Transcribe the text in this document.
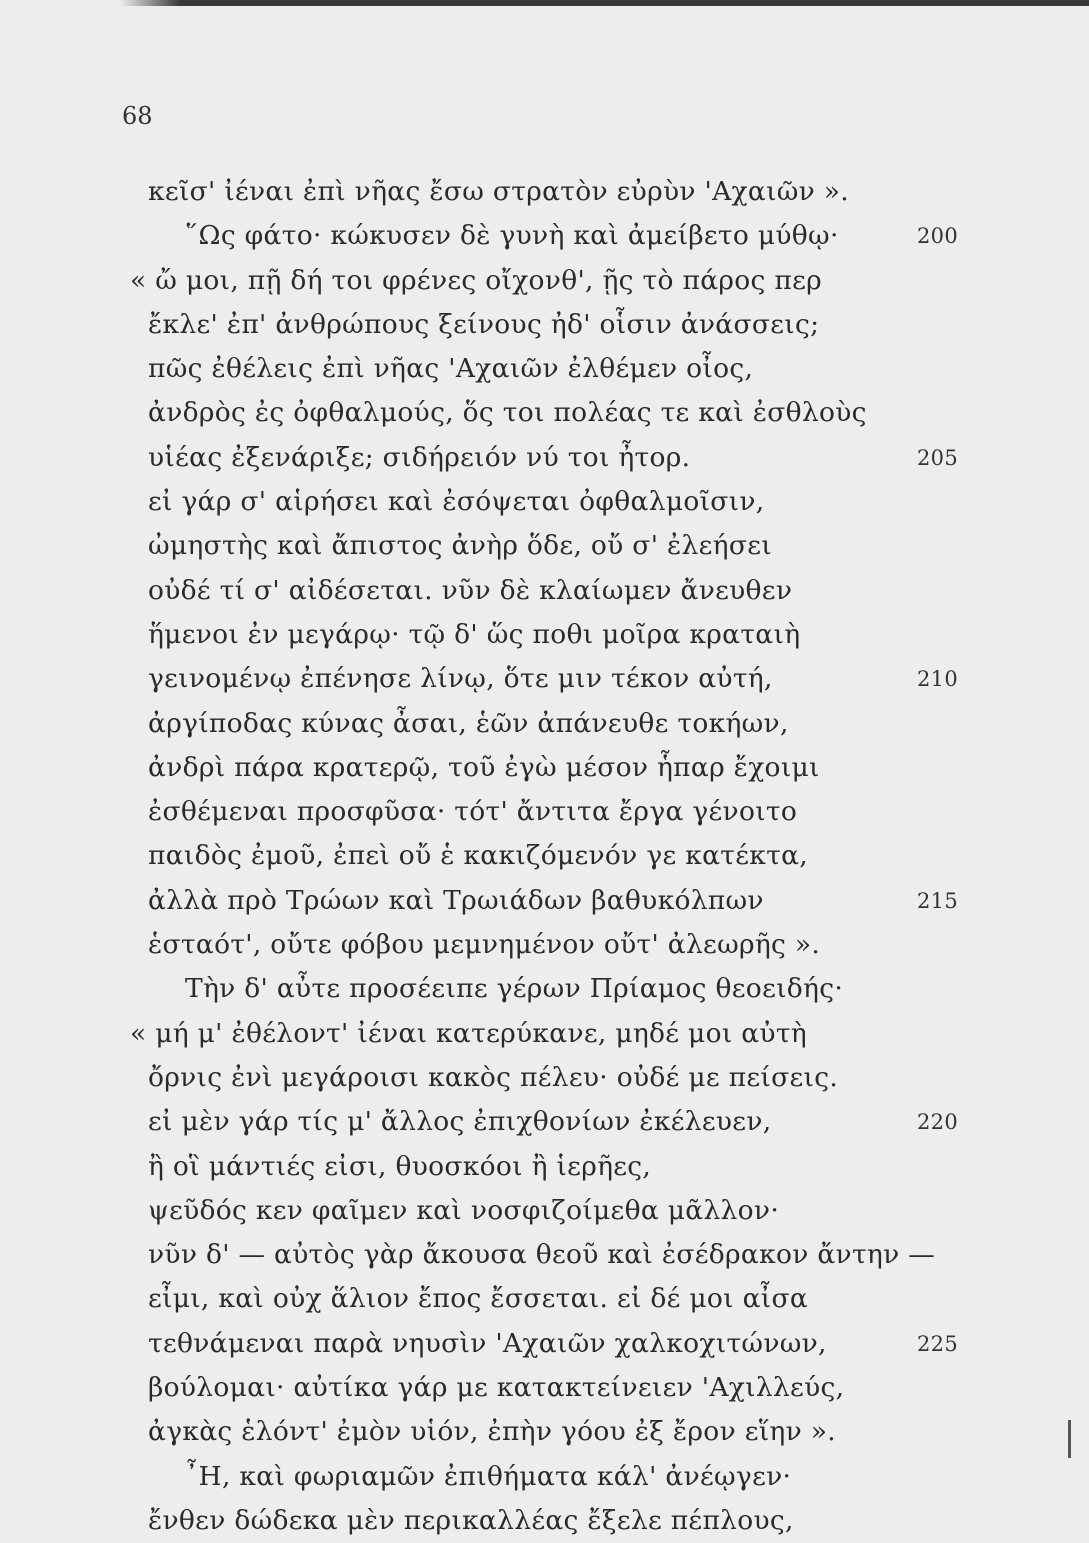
68
κεῖσ' ἰέναι ἐπὶ νῆας ἔσω στρατὸν εὐρὺν 'Αχαιῶν ».
῞Ως φάτο· κώκυσεν δὲ γυνὴ καὶ ἀμείβετο μύθῳ·	200
« ὤ μοι, πῇ δή τοι φρένες οἴχονθ', ῇς τὸ πάρος περ
ἔκλε' ἐπ' ἀνθρώπους ξείνους ἠδ' οἷσιν ἀνάσσεις;
πῶς ἐθέλεις ἐπὶ νῆας 'Αχαιῶν ἐλθέμεν οἶος,
ἀνδρὸς ἐς ὀφθαλμούς, ὅς τοι πολέας τε καὶ ἐσθλοὺς
υἱέας ἐξενάριξε; σιδήρειόν νύ τοι ἦτορ.	205
εἰ γάρ σ' αἱρήσει καὶ ἐσόψεται ὀφθαλμοῖσιν,
ὠμηστὴς καὶ ἄπιστος ἀνὴρ ὅδε, οὔ σ' ἐλεήσει
οὐδέ τί σ' αἰδέσεται. νῦν δὲ κλαίωμεν ἄνευθεν
ἥμενοι ἐν μεγάρῳ· τῷ δ' ὥς ποθι μοῖρα κραταιὴ
γεινομένῳ ἐπένησε λίνῳ, ὅτε μιν τέκον αὐτή,	210
ἀργίποδας κύνας ἆσαι, ἑῶν ἀπάνευθε τοκήων,
ἀνδρὶ πάρα κρατερῷ, τοῦ ἐγὼ μέσον ἧπαρ ἔχοιμι
ἐσθέμεναι προσφῦσα· τότ' ἄντιτα ἔργα γένοιτο
παιδὸς ἐμοῦ, ἐπεὶ οὔ ἑ κακιζόμενόν γε κατέκτα,
ἀλλὰ πρὸ Τρώων καὶ Τρωιάδων βαθυκόλπων	215
ἑσταότ', οὔτε φόβου μεμνημένον οὔτ' ἀλεωρῆς ».
Τὴν δ' αὖτε προσέειπε γέρων Πρίαμος θεοειδής·
« μή μ' ἐθέλοντ' ἰέναι κατερύκανε, μηδέ μοι αὐτὴ
ὄρνις ἐνὶ μεγάροισι κακὸς πέλευ· οὐδέ με πείσεις.
εἰ μὲν γάρ τίς μ' ἄλλος ἐπιχθονίων ἐκέλευεν,	220
ἢ οἳ μάντιές εἰσι, θυοσκόοι ἢ ἱερῆες,
ψεῦδός κεν φαῖμεν καὶ νοσφιζοίμεθα μᾶλλον·
νῦν δ' — αὐτὸς γὰρ ἄκουσα θεοῦ καὶ ἐσέδρακον ἄντην —
εἶμι, καὶ οὐχ ἅλιον ἔπος ἔσσεται. εἰ δέ μοι αἶσα
τεθνάμεναι παρὰ νηυσὶν 'Αχαιῶν χαλκοχιτώνων,	225
βούλομαι· αὐτίκα γάρ με κατακτείνειεν 'Αχιλλεύς,
ἀγκὰς ἑλόντ' ἐμὸν υἱόν, ἐπὴν γόου ἐξ ἔρον εἵην ».
῏Η, καὶ φωριαμῶν ἐπιθήματα κάλ' ἀνέῳγεν·
ἔνθεν δώδεκα μὲν περικαλλέας ἔξελε πέπλους,
